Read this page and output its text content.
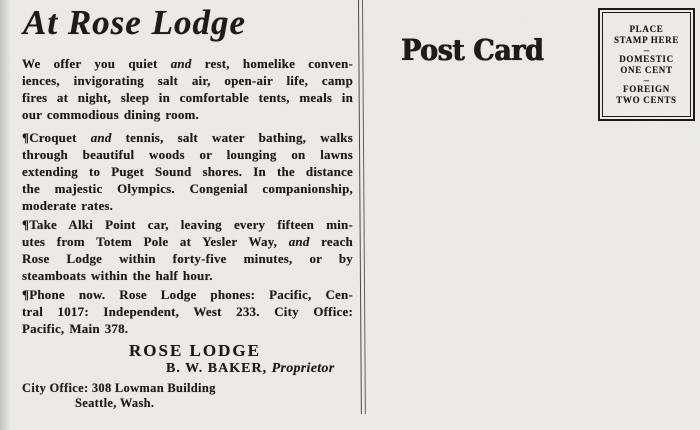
At Rose Lodge
We offer you quiet and rest, homelike conven-
iences, invigorating salt air, open-air life, camp
fires at night, sleep in comfortable tents, meals in
our commodious dining room.
¶Croquet and tennis, salt water bathing, walks
through beautiful woods or lounging on lawns
extending to Puget Sound shores. In the distance
the majestic Olympics. Congenial companionship,
moderate rates.
¶Take Alki Point car, leaving every fifteen min-
utes from Totem Pole at Yesler Way, and reach
Rose Lodge within forty-five minutes, or by
steamboats within the half hour.
¶Phone now. Rose Lodge phones: Pacific, Cen-
tral 1017: Independent, West 233. City Office:
Pacific, Main 378.
ROSE LODGE
B. W. BAKER, Proprietor
City Office: 308 Lowman Building
Seattle, Wash.
Post Card
PLACE
STAMP HERE
—
DOMESTIC
ONE CENT
—
FOREIGN
TWO CENTS
